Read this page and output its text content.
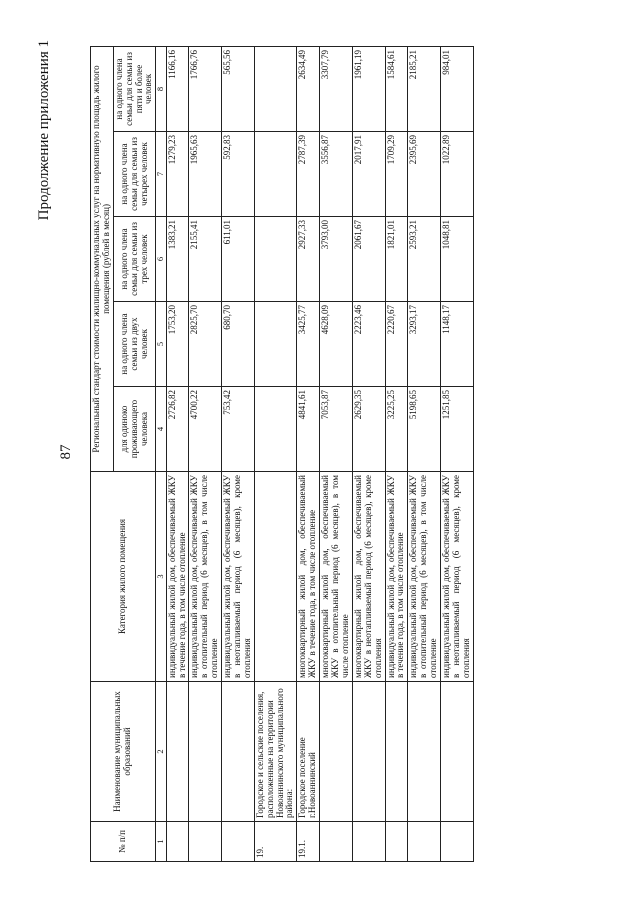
87
Продолжение приложения 1
№ п/п	Наименование муниципальных образований	Категория жилого помещения	Региональный стандарт стоимости жилищно-коммунальных услуг на нормативную площадь жилого помещения (рублей в месяц)				
			для одиноко проживающего человека	на одного члена семьи из двух человек	на одного члена семьи для семьи из трех человек	на одного члена семьи для семьи из четырех человек	на одного члена семьи для семьи из пяти и более человек
1	2	3	4	5	6	7	8
		индивидуальный жилой дом, обеспечиваемый ЖКУ в течение года, в том числе отопление	2726,82	1753,20	1383,21	1279,23	1166,16
		индивидуальный жилой дом, обеспечиваемый ЖКУ в отопительный период (6 месяцев), в том числе отопление	4700,22	2825,70	2155,41	1965,63	1766,76
		индивидуальный жилой дом, обеспечиваемый ЖКУ в неотапливаемый период (6 месяцев), кроме отопления	753,42	680,70	611,01	592,83	565,56
19.	Городское и сельские поселения, расположенные на территории Новоаннинского муниципального района:						
19.1.	Городское поселение г.Новоаннинский	многоквартирный жилой дом, обеспечиваемый ЖКУ в течение года, в том числе отопление	4841,61	3425,77	2927,33	2787,39	2634,49
		многоквартирный жилой дом, обеспечиваемый ЖКУ в отопительный период (6 месяцев), в том числе отопление	7053,87	4628,09	3793,00	3556,87	3307,79
		многоквартирный жилой дом, обеспечиваемый ЖКУ в неотапливаемый период (6 месяцев), кроме отопления	2629,35	2223,46	2061,67	2017,91	1961,19
		индивидуальный жилой дом, обеспечиваемый ЖКУ в течение года, в том числе отопление	3225,25	2220,67	1821,01	1709,29	1584,61
		индивидуальный жилой дом, обеспечиваемый ЖКУ в отопительный период (6 месяцев), в том числе отопление	5198,65	3293,17	2593,21	2395,69	2185,21
		индивидуальный жилой дом, обеспечиваемый ЖКУ в неотапливаемый период (6 месяцев), кроме отопления	1251,85	1148,17	1048,81	1022,89	984,01
